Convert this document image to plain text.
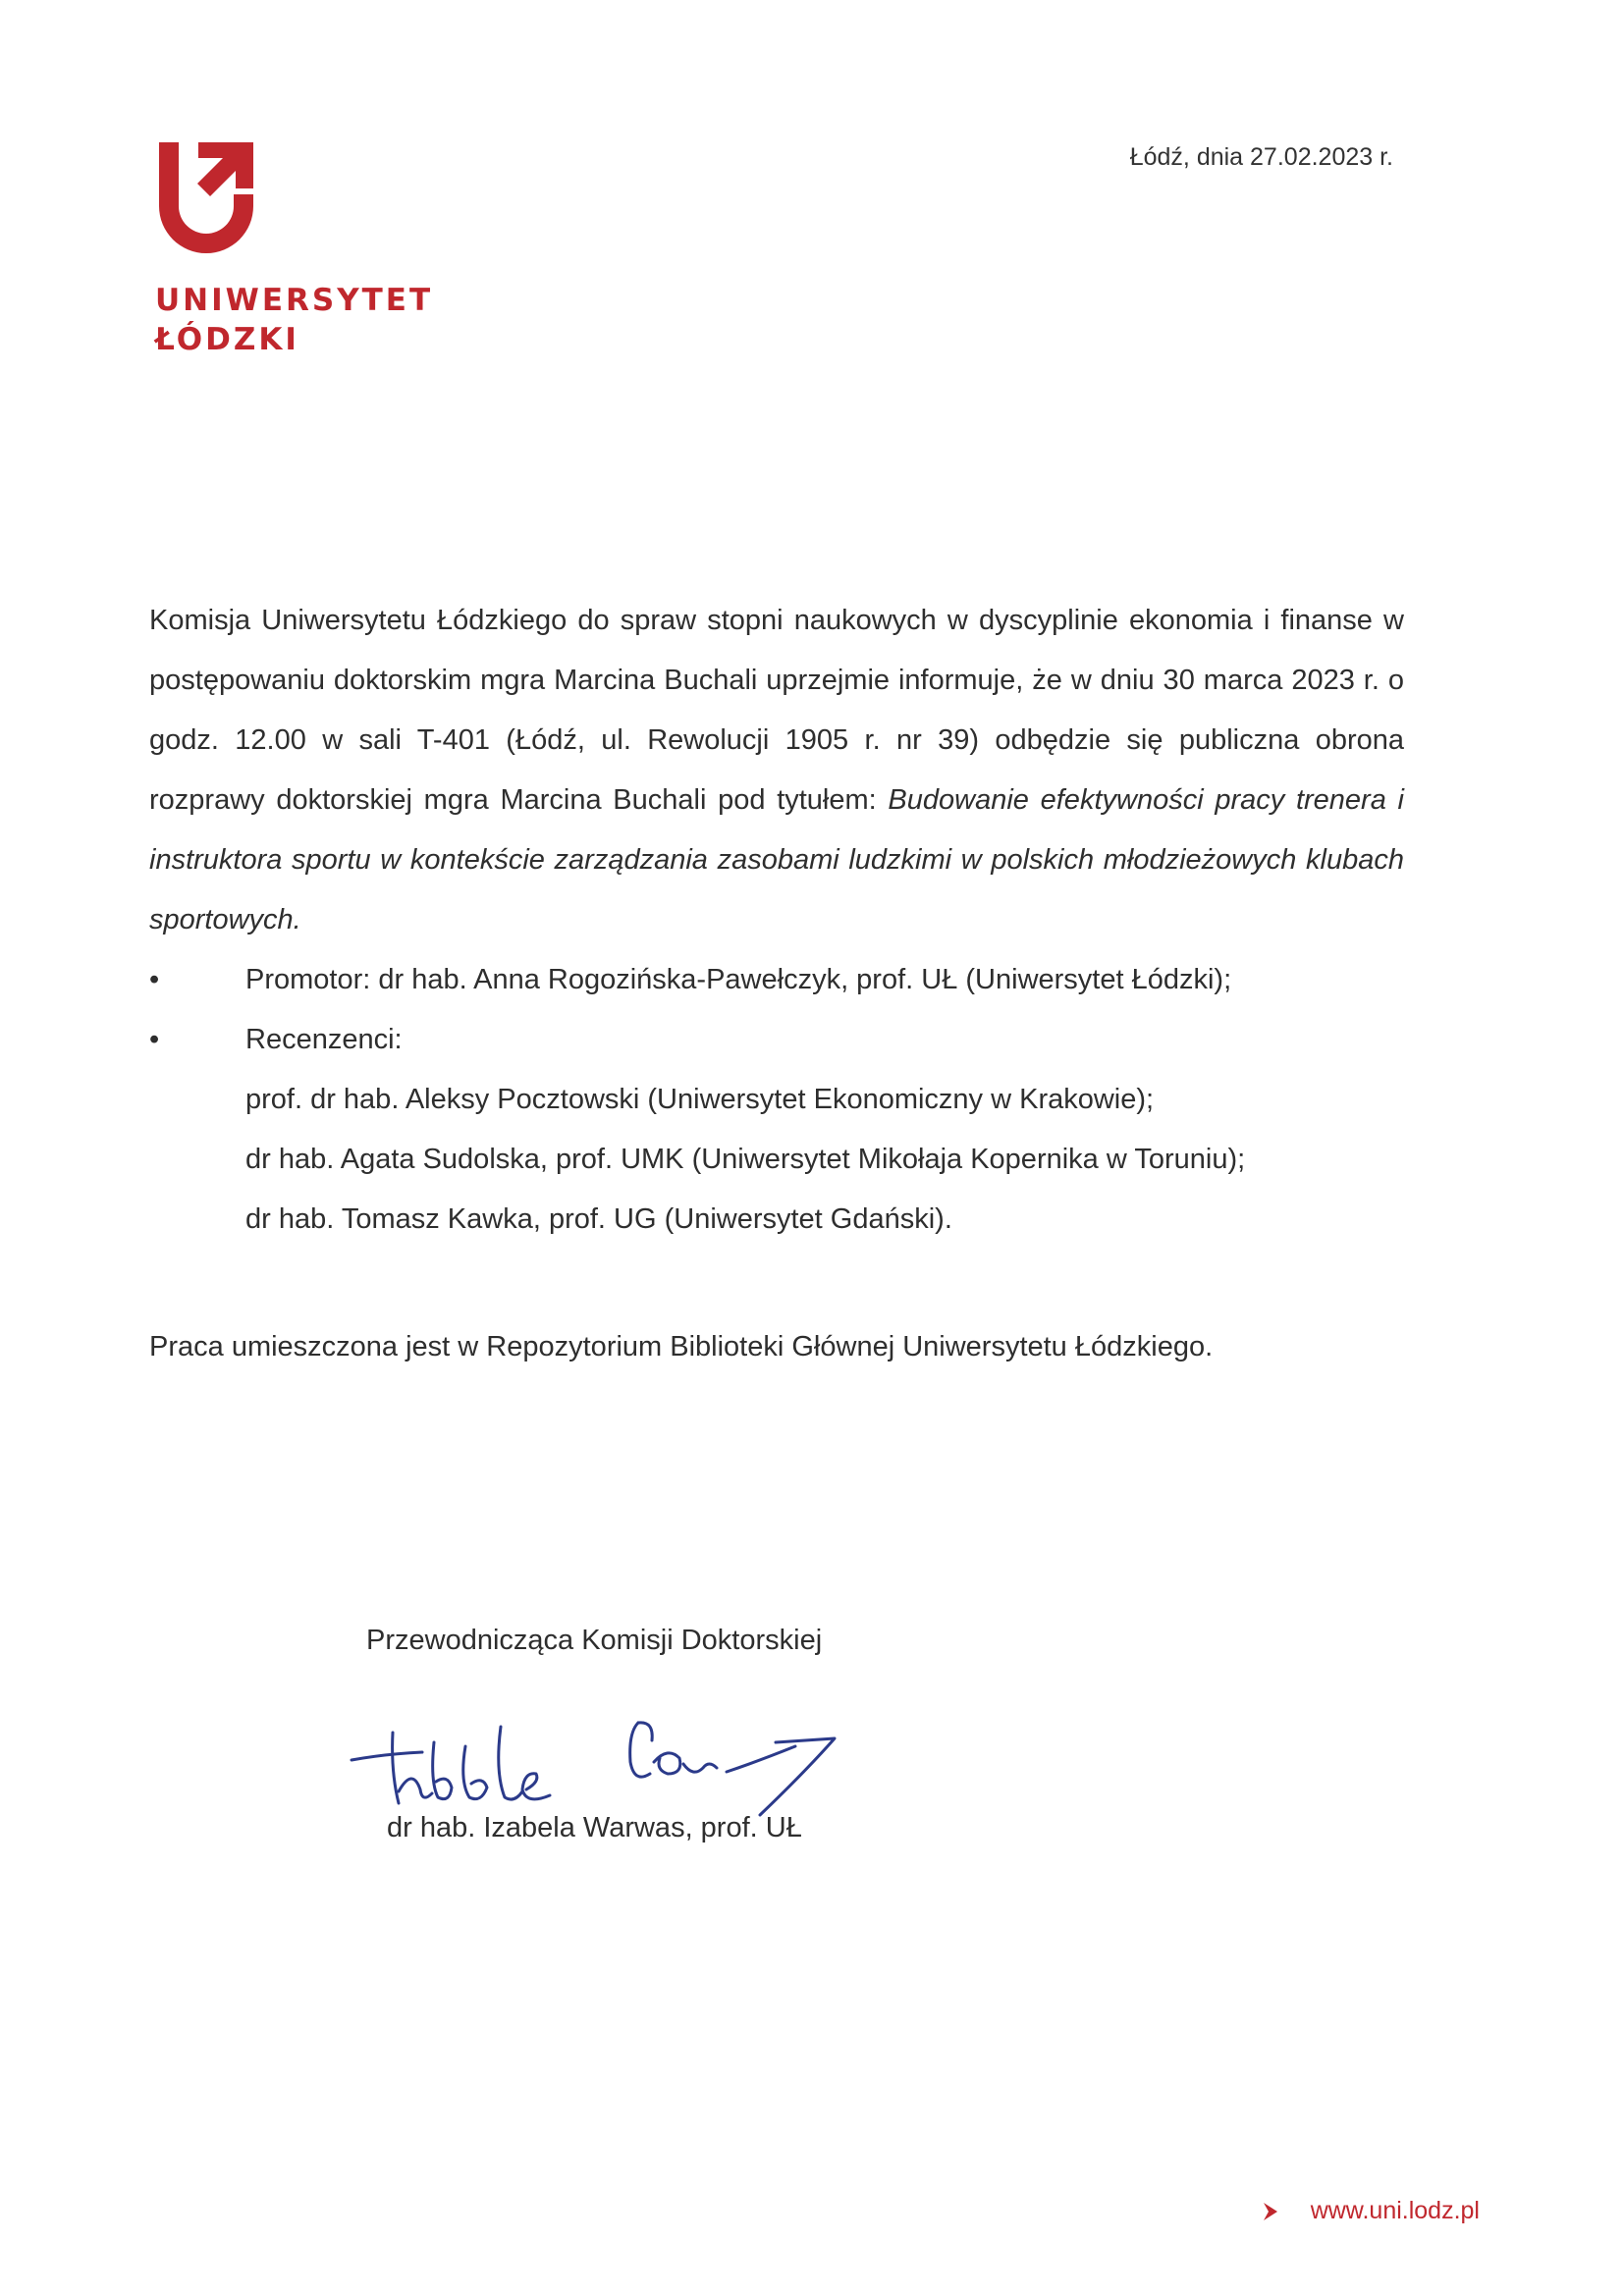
UNIWERSYTET
ŁÓDZKI
Łódź, dnia 27.02.2023 r.

Komisja Uniwersytetu Łódzkiego do spraw stopni naukowych w dyscyplinie ekonomia i finanse w postępowaniu doktorskim mgra Marcina Buchali uprzejmie informuje, że w dniu 30 marca 2023 r. o godz. 12.00 w sali T-401 (Łódź, ul. Rewolucji 1905 r. nr 39) odbędzie się publiczna obrona rozprawy doktorskiej mgra Marcina Buchali pod tytułem: Budowanie efektywności pracy trenera i instruktora sportu w kontekście zarządzania zasobami ludzkimi w polskich młodzieżowych klubach sportowych.

•	Promotor: dr hab. Anna Rogozińska-Pawełczyk, prof. UŁ (Uniwersytet Łódzki);
•	Recenzenci:
prof. dr hab. Aleksy Pocztowski (Uniwersytet Ekonomiczny w Krakowie);
dr hab. Agata Sudolska, prof. UMK (Uniwersytet Mikołaja Kopernika w Toruniu);
dr hab. Tomasz Kawka, prof. UG (Uniwersytet Gdański).
Praca umieszczona jest w Repozytorium Biblioteki Głównej Uniwersytetu Łódzkiego.
Przewodnicząca Komisji Doktorskiej
dr hab. Izabela Warwas, prof. UŁ
www.uni.lodz.pl
